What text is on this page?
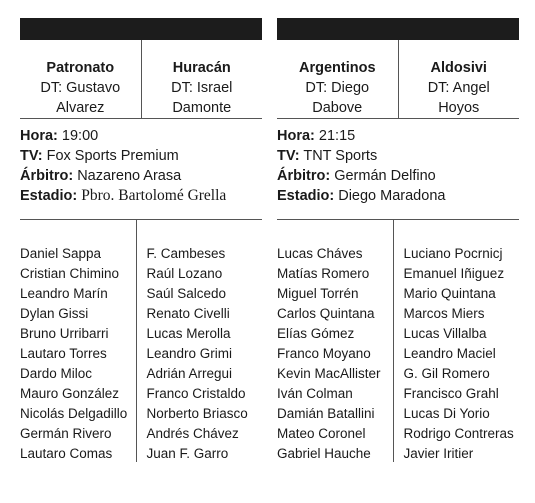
Patronato
DT: Gustavo
Alvarez
Huracán
DT: Israel
Damonte
Hora: 19:00
TV: Fox Sports Premium
Árbitro: Nazareno Arasa
Estadio: Pbro. Bartolomé Grella
Daniel Sappa
Cristian Chimino
Leandro Marín
Dylan Gissi
Bruno Urribarri
Lautaro Torres
Dardo Miloc
Mauro González
Nicolás Delgadillo
Germán Rivero
Lautaro Comas
F. Cambeses
Raúl Lozano
Saúl Salcedo
Renato Civelli
Lucas Merolla
Leandro Grimi
Adrián Arregui
Franco Cristaldo
Norberto Briasco
Andrés Chávez
Juan F. Garro
Argentinos
DT: Diego
Dabove
Aldosivi
DT: Angel
Hoyos
Hora: 21:15
TV: TNT Sports
Árbitro: Germán Delfino
Estadio: Diego Maradona
Lucas Cháves
Matías Romero
Miguel Torrén
Carlos Quintana
Elías Gómez
Franco Moyano
Kevin MacAllister
Iván Colman
Damián Batallini
Mateo Coronel
Gabriel Hauche
Luciano Pocrnicj
Emanuel Iñiguez
Mario Quintana
Marcos Miers
Lucas Villalba
Leandro Maciel
G. Gil Romero
Francisco Grahl
Lucas Di Yorio
Rodrigo Contreras
Javier Iritier
